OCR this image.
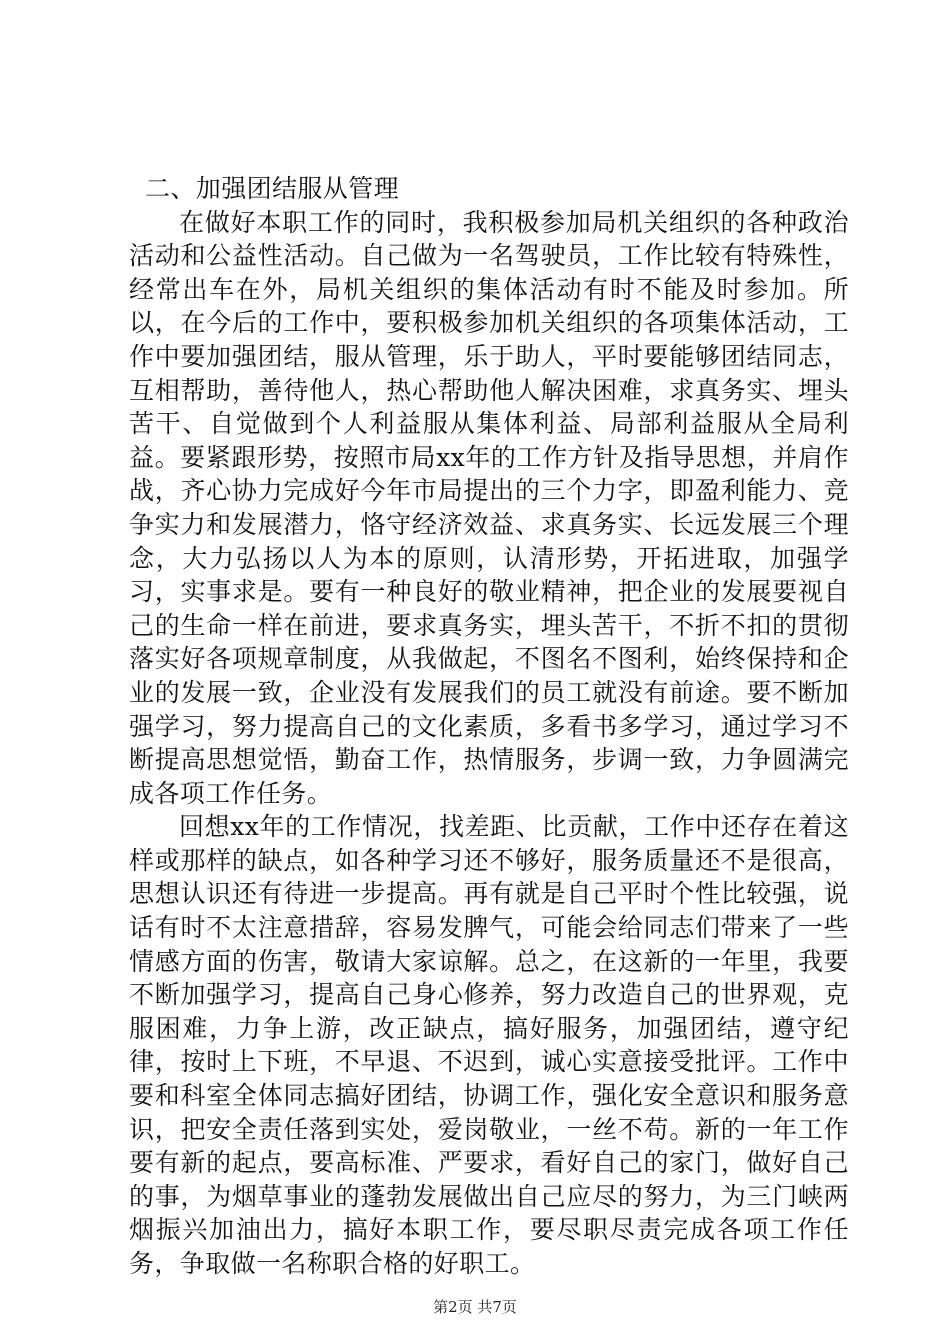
二、加强团结服从管理

在做好本职工作的同时，我积极参加局机关组织的各种政治活动和公益性活动。自己做为一名驾驶员，工作比较有特殊性，经常出车在外，局机关组织的集体活动有时不能及时参加。所以，在今后的工作中，要积极参加机关组织的各项集体活动，工作中要加强团结，服从管理，乐于助人，平时要能够团结同志，互相帮助，善待他人，热心帮助他人解决困难，求真务实、埋头苦干、自觉做到个人利益服从集体利益、局部利益服从全局利益。要紧跟形势，按照市局xx年的工作方针及指导思想，并肩作战，齐心协力完成好今年市局提出的三个力字，即盈利能力、竞争实力和发展潜力，恪守经济效益、求真务实、长远发展三个理念，大力弘扬以人为本的原则，认清形势，开拓进取，加强学习，实事求是。要有一种良好的敬业精神，把企业的发展要视自己的生命一样在前进，要求真务实，埋头苦干，不折不扣的贯彻落实好各项规章制度，从我做起，不图名不图利，始终保持和企业的发展一致，企业没有发展我们的员工就没有前途。要不断加强学习，努力提高自己的文化素质，多看书多学习，通过学习不断提高思想觉悟，勤奋工作，热情服务，步调一致，力争圆满完成各项工作任务。

回想xx年的工作情况，找差距、比贡献，工作中还存在着这样或那样的缺点，如各种学习还不够好，服务质量还不是很高，思想认识还有待进一步提高。再有就是自己平时个性比较强，说话有时不太注意措辞，容易发脾气，可能会给同志们带来了一些情感方面的伤害，敬请大家谅解。总之，在这新的一年里，我要不断加强学习，提高自己身心修养，努力改造自己的世界观，克服困难，力争上游，改正缺点，搞好服务，加强团结，遵守纪律，按时上下班，不早退、不迟到，诚心实意接受批评。工作中要和科室全体同志搞好团结，协调工作，强化安全意识和服务意识，把安全责任落到实处，爱岗敬业，一丝不苟。新的一年工作要有新的起点，要高标准、严要求，看好自己的家门，做好自己的事，为烟草事业的蓬勃发展做出自己应尽的努力，为三门峡两烟振兴加油出力，搞好本职工作，要尽职尽责完成各项工作任务，争取做一名称职合格的好职工。

第2页 共7页
